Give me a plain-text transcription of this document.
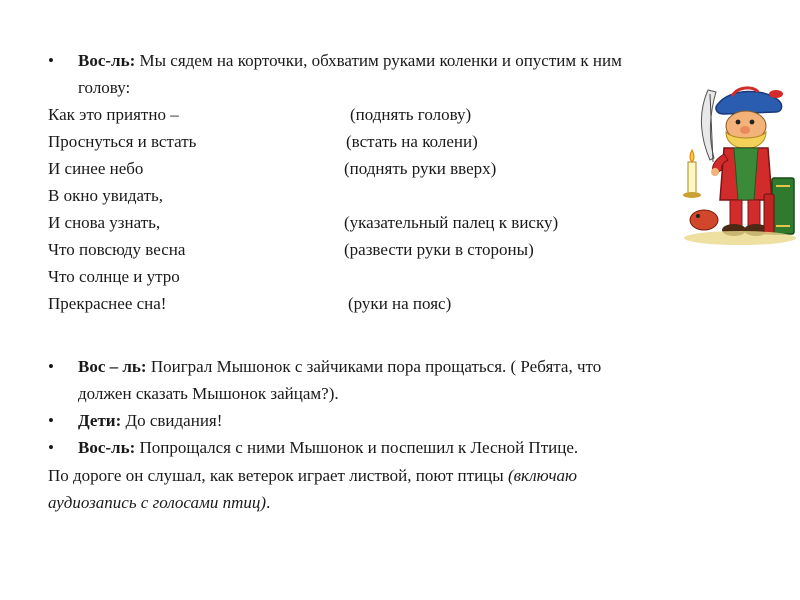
•	Вос-ль: Мы сядем на корточки, обхватим руками коленки и опустим к ним
голову:
Как это приятно –	(поднять голову)
Проснуться и встать	(встать на колени)
И синее небо	(поднять руки вверх)
В окно увидать,
И снова узнать,	(указательный палец к виску)
Что повсюду весна	(развести руки в стороны)
Что солнце и утро
Прекраснее сна!	(руки на пояс)
•	Вос – ль: Поиграл Мышонок с зайчиками пора прощаться. ( Ребята, что
должен сказать Мышонок зайцам?).
•	Дети: До свидания!
•	Вос-ль: Попрощался с ними Мышонок и поспешил к Лесной Птице.
По дороге он слушал, как ветерок играет листвой, поют птицы (включаю
аудиозапись с голосами птиц).
